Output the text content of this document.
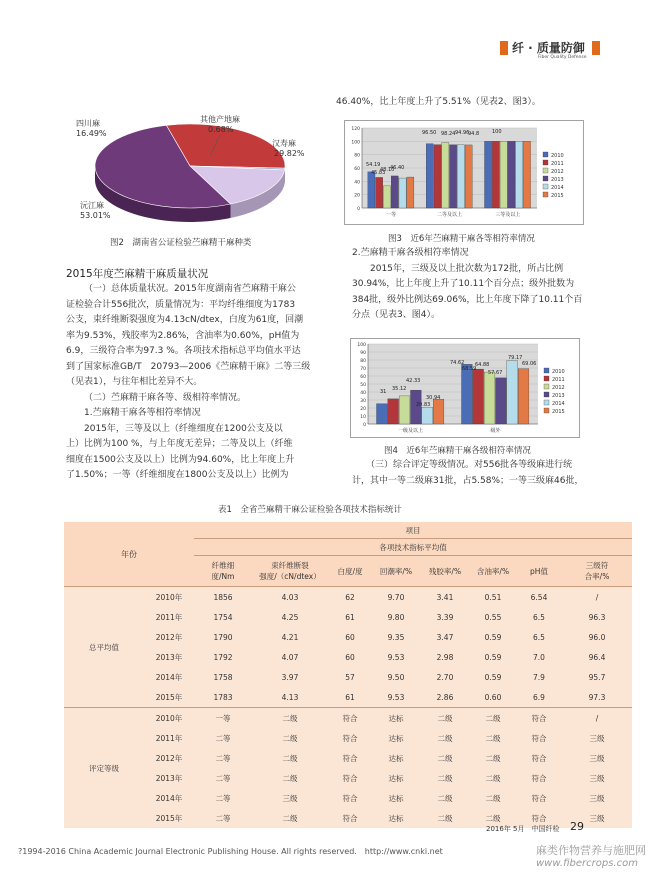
纤 · 质量防御
Fiber Quality Defense
汉寿麻
29.82%
其他产地麻
0.68%
四川麻
16.49%
沅江麻
53.01%
图2　湖南省公证检验苎麻精干麻种类
2015年度苎麻精干麻质量状况
（一）总体质量状况。2015年度湖南省苎麻精干麻公
证检验合计556批次，质量情况为：平均纤维细度为1783
公支，束纤维断裂强度为4.13cN/dtex，白度为61度，回潮
率为9.53%，残胶率为2.86%，含油率为0.60%，pH值为
6.9，三级符合率为97.3 %。各项技术指标总平均值水平达
到了国家标准GB/T　20793—2006《苎麻精干麻》二等三级
（见表1），与往年相比差异不大。
（二）苎麻精干麻各等、级相符率情况。
1.苎麻精干麻各等相符率情况
2015年，三等及以上（纤维细度在1200公支及以
上）比例为100 %，与上年度无差异；二等及以上（纤维
细度在1500公支及以上）比例为94.60%，比上年度上升
了1.50%；一等（纤维细度在1800公支及以上）比例为
46.40%，比上年度上升了5.51%（见表2、图3）。
0
20
40
60
80
100
120
一等	二等及以上	三等及以上
54.19
48.10
45.83
46.40
96.50 98.24 94.96
94.8	100
2010
2011
2012
2013
2014
2015
图3　近6年苎麻精干麻各等相符率情况
2.苎麻精干麻各级相符率情况
2015年，三级及以上批次数为172批，所占比例
30.94%，比上年度上升了10.11个百分点；级外批数为
384批，级外比例达69.06%，比上年度下降了10.11个百
分点（见表3、图4）。
0
10
20
30
40
50
60
70
80
90
100
一级及以上	级外
74.62
68.59
64.88
57.67
79.17
69.06
31 35.12
42.33
30.94
20.83
2010
2011
2012
2013
2014
2015
图4　近6年苎麻精干麻各级相符率情况
（三）综合评定等级情况。对556批各等级麻进行统
计，其中一等二级麻31批，占5.58%；一等三级麻46批，
表1　全省苎麻精干麻公证检验各项技术指标统计
年份		项目							
		各项技术指标平均值							
		纤维细
度/Nm	束纤维断裂
强度/（cN/dtex）	白度/度	回潮率/%	残胶率/%	含油率/%	pH值	三级符
合率/%
总平均值	2010年	1856	4.03	62	9.70	3.41	0.51	6.54	/
	2011年	1754	4.25	61	9.80	3.39	0.55	6.5	96.3
	2012年	1790	4.21	60	9.35	3.47	0.59	6.5	96.0
	2013年	1792	4.07	60	9.53	2.98	0.59	7.0	96.4
	2014年	1758	3.97	57	9.50	2.70	0.59	7.9	95.7
	2015年	1783	4.13	61	9.53	2.86	0.60	6.9	97.3
评定等级	2010年	一等	二级	符合	达标	二级	二级	符合	/
	2011年	二等	二级	符合	达标	二级	二级	符合	三级
	2012年	二等	二级	符合	达标	二级	二级	符合	三级
	2013年	二等	二级	符合	达标	二级	二级	符合	三级
	2014年	二等	三级	符合	达标	二级	二级	符合	三级
	2015年	二等	二级	符合	达标	二级	二级	符合	三级
2016年 5月　中国纤检 29
?1994-2016 China Academic Journal Electronic Publishing House. All rights reserved.　http://www.cnki.net	麻类作物营养与施肥网
www.fibercrops.com
